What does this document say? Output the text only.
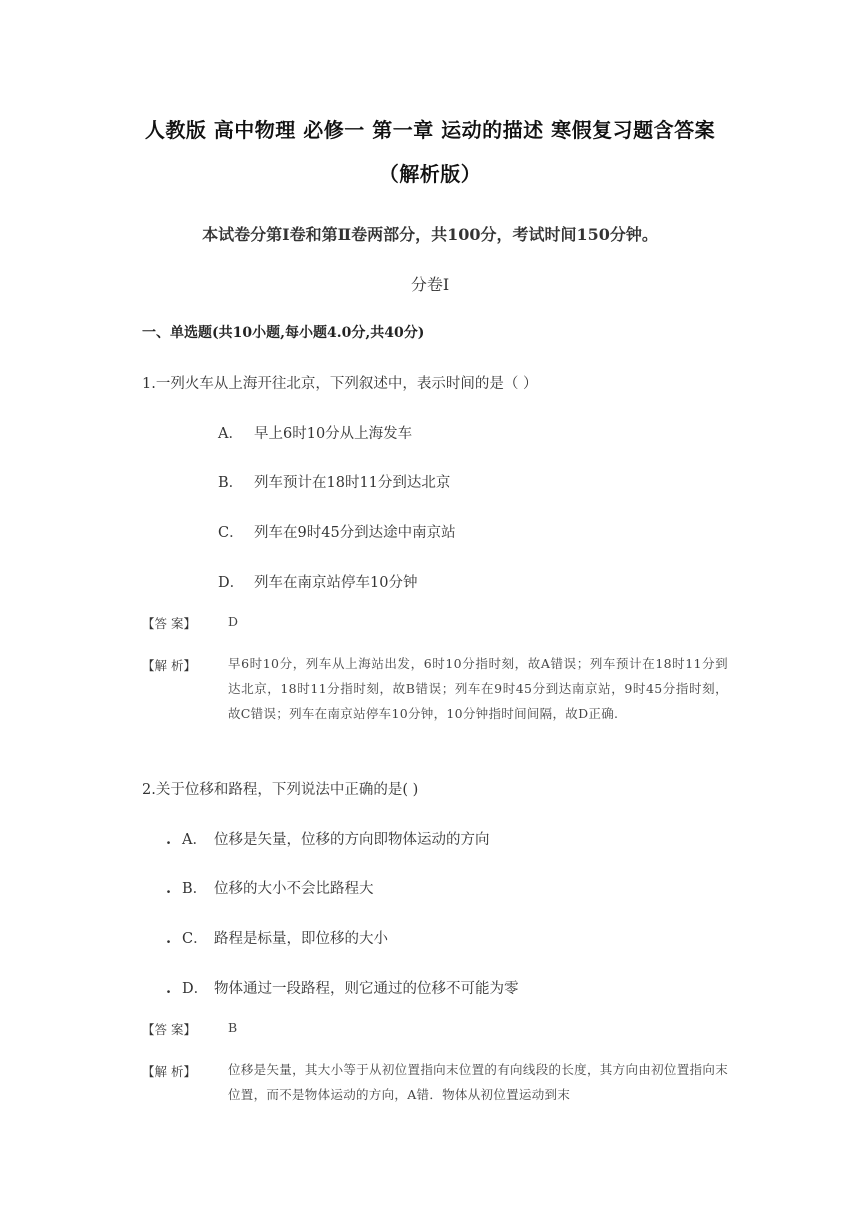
人教版 高中物理 必修一 第一章 运动的描述 寒假复习题含答案
（解析版）
本试卷分第Ⅰ卷和第Ⅱ卷两部分，共100分，考试时间150分钟。
分卷Ⅰ
一、单选题(共10小题,每小题4.0分,共40分)
1.一列火车从上海开往北京，下列叙述中，表示时间的是（ ）
A． 早上6时10分从上海发车
B． 列车预计在18时11分到达北京
C． 列车在9时45分到达途中南京站
D． 列车在南京站停车10分钟
【答 案】	D
【解 析】	早6时10分，列车从上海站出发，6时10分指时刻，故A错误；列车预计在18时11分到达北京，18时11分指时刻，故B错误；列车在9时45分到达南京站，9时45分指时刻，故C错误；列车在南京站停车10分钟，10分钟指时间间隔，故D正确.
2.关于位移和路程，下列说法中正确的是( )
. A． 位移是矢量，位移的方向即物体运动的方向
. B． 位移的大小不会比路程大
. C． 路程是标量，即位移的大小
. D． 物体通过一段路程，则它通过的位移不可能为零
【答 案】	B
【解 析】	位移是矢量，其大小等于从初位置指向末位置的有向线段的长度，其方向由初位置指向末位置，而不是物体运动的方向，A错．物体从初位置运动到末
